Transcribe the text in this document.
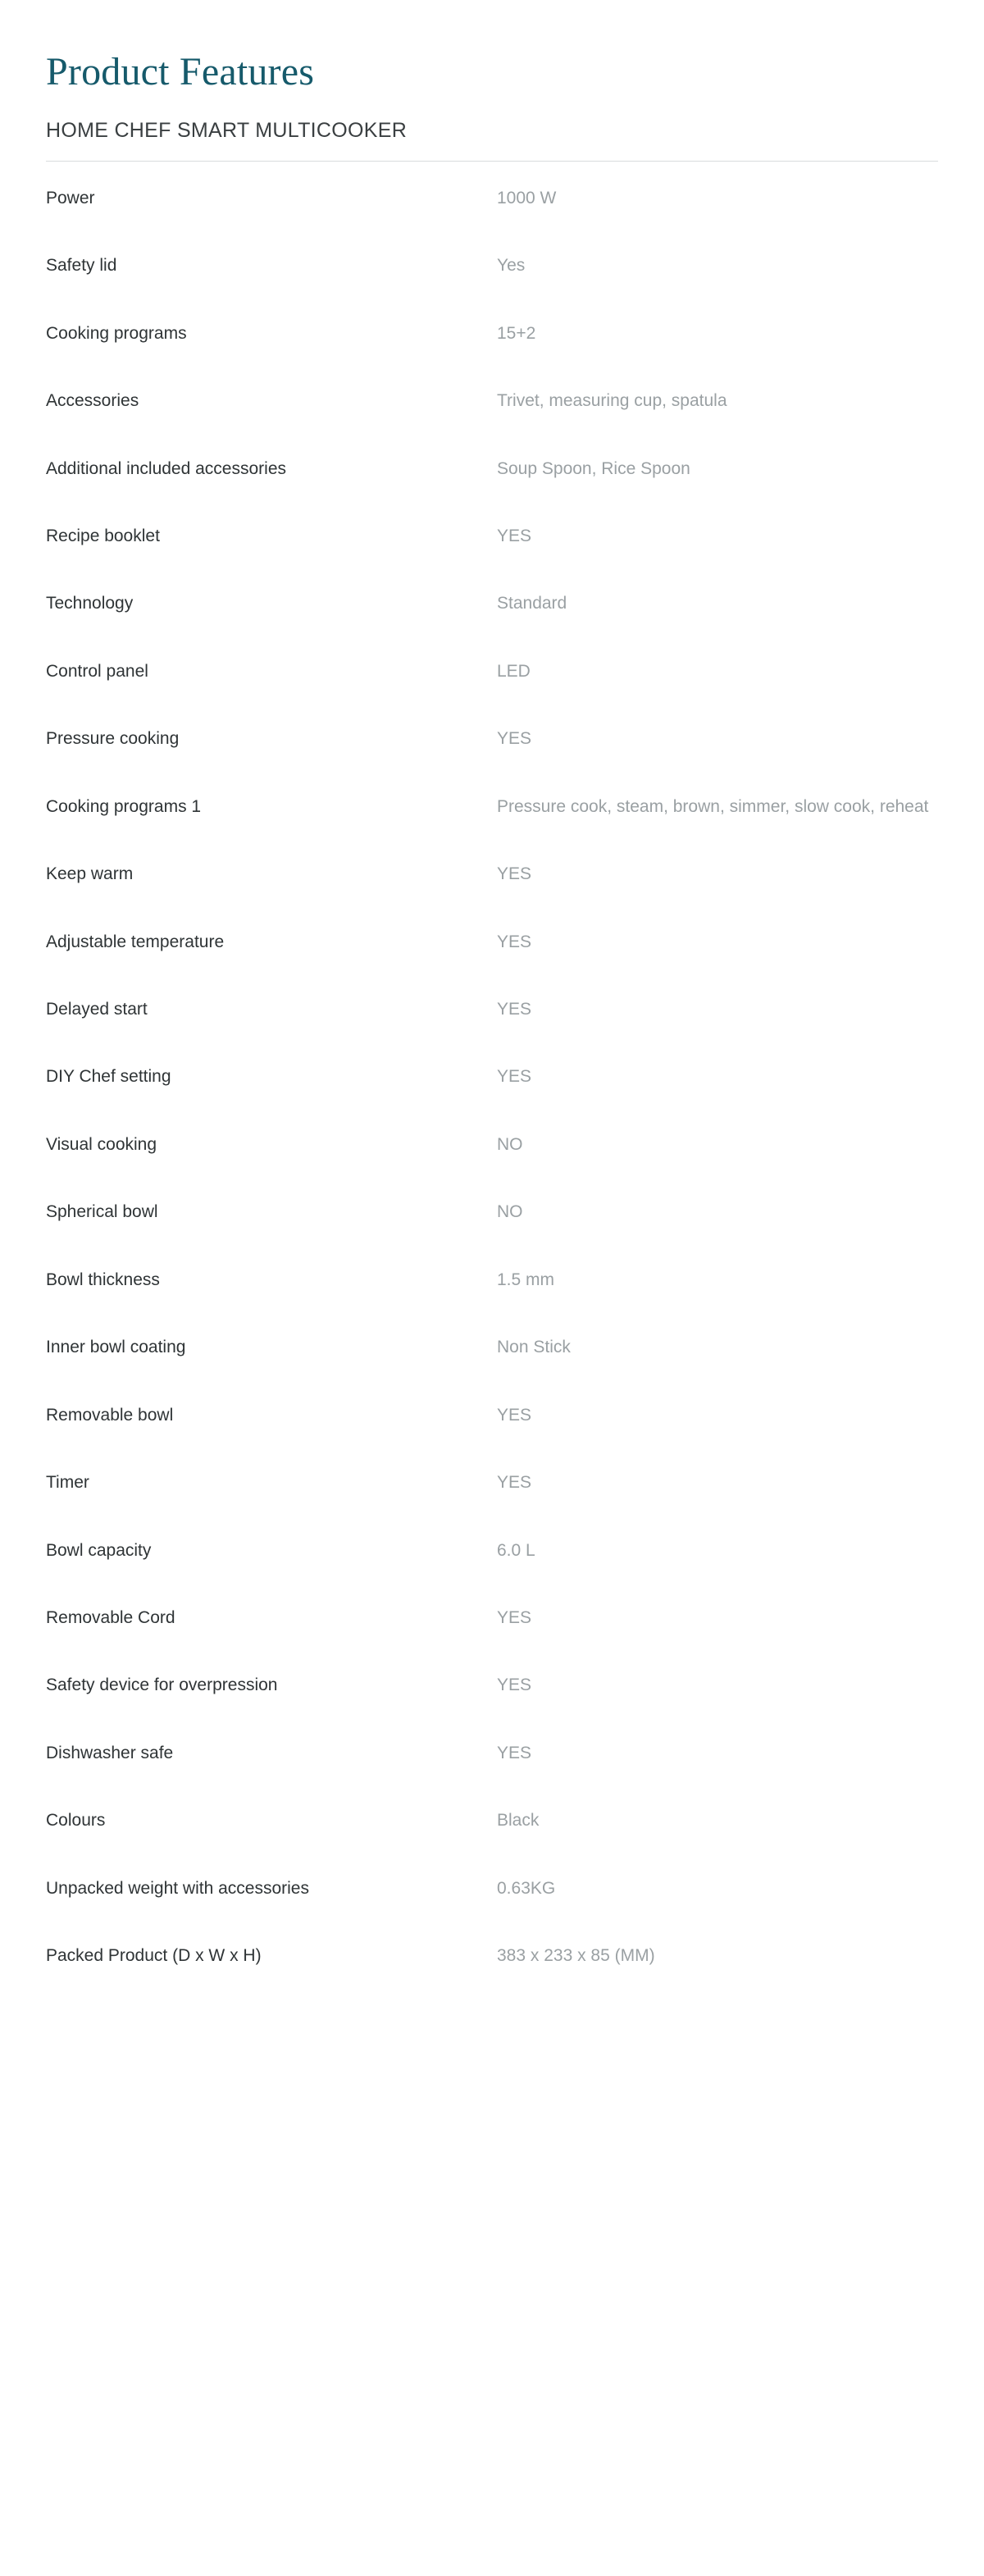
Product Features
HOME CHEF SMART MULTICOOKER
Power	1000 W
Safety lid	Yes
Cooking programs	15+2
Accessories	Trivet, measuring cup, spatula
Additional included accessories	Soup Spoon, Rice Spoon
Recipe booklet	YES
Technology	Standard
Control panel	LED
Pressure cooking	YES
Cooking programs 1	Pressure cook, steam, brown, simmer, slow cook, reheat
Keep warm	YES
Adjustable temperature	YES
Delayed start	YES
DIY Chef setting	YES
Visual cooking	NO
Spherical bowl	NO
Bowl thickness	1.5 mm
Inner bowl coating	Non Stick
Removable bowl	YES
Timer	YES
Bowl capacity	6.0 L
Removable Cord	YES
Safety device for overpression	YES
Dishwasher safe	YES
Colours	Black
Unpacked weight with accessories	0.63KG
Packed Product (D x W x H)	383 x 233 x 85 (MM)
